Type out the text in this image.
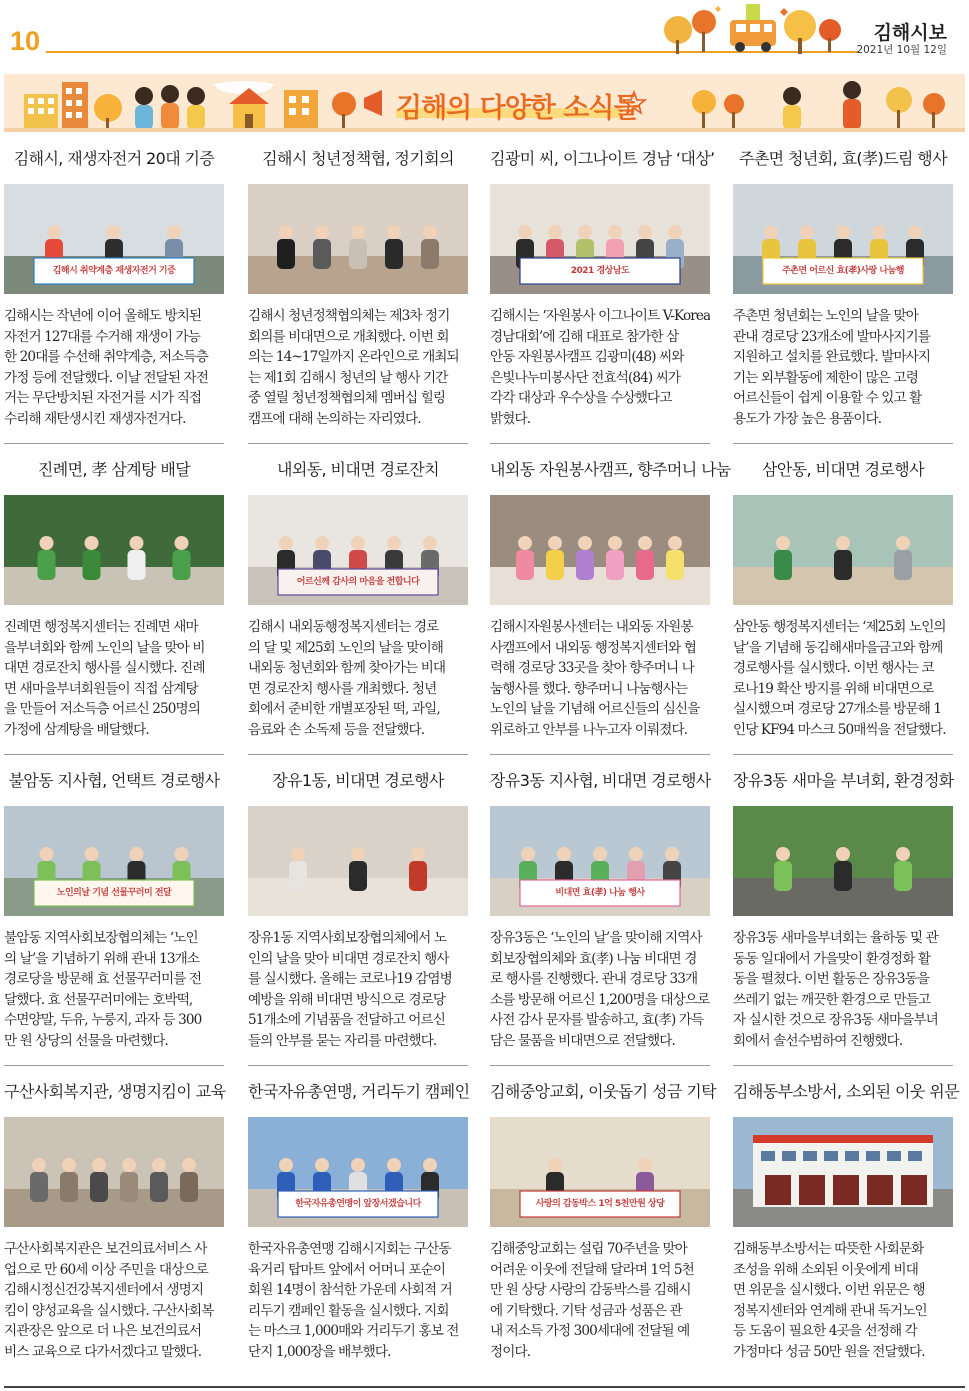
10	김해시보
2021년 10월 12일
김해의 다양한 소식들
김해시, 재생자전거 20대 기증
김해시 취약계층 재생자전거 기증
김해시는 작년에 이어 올해도 방치된
자전거 127대를 수거해 재생이 가능
한 20대를 수선해 취약계층, 저소득층
가정 등에 전달했다. 이날 전달된 자전
거는 무단방치된 자전거를 시가 직접
수리해 재탄생시킨 재생자전거다.
김해시 청년정책협, 정기회의
김해시 청년정책협의체는 제3차 정기
회의를 비대면으로 개최했다. 이번 회
의는 14~17일까지 온라인으로 개최되
는 제1회 김해시 청년의 날 행사 기간
중 열릴 청년정책협의체 멤버십 힐링
캠프에 대해 논의하는 자리였다.
김광미 씨, 이그나이트 경남 ‘대상’
2021 경상남도
김해시는 ‘자원봉사 이그나이트 V-Korea
경남대회’에 김해 대표로 참가한 삼
안동 자원봉사캠프 김광미(48) 씨와
은빛나누미봉사단 전효석(84) 씨가
각각 대상과 우수상을 수상했다고
밝혔다.
주촌면 청년회, 효(孝)드림 행사
주촌면 어르신 효(孝)사랑 나눔행
주촌면 청년회는 노인의 날을 맞아
관내 경로당 23개소에 발마사지기를
지원하고 설치를 완료했다. 발마사지
기는 외부활동에 제한이 많은 고령
어르신들이 쉽게 이용할 수 있고 활
용도가 가장 높은 용품이다.
진례면, 孝 삼계탕 배달
진례면 행정복지센터는 진례면 새마
을부녀회와 함께 노인의 날을 맞아 비
대면 경로잔치 행사를 실시했다. 진례
면 새마을부녀회원들이 직접 삼계탕
을 만들어 저소득층 어르신 250명의
가정에 삼계탕을 배달했다.
내외동, 비대면 경로잔치
어르신께 감사의 마음을 전합니다
김해시 내외동행정복지센터는 경로
의 달 및 제25회 노인의 날을 맞이해
내외동 청년회와 함께 찾아가는 비대
면 경로잔치 행사를 개최했다. 청년
회에서 준비한 개별포장된 떡, 과일,
음료와 손 소독제 등을 전달했다.
내외동 자원봉사캠프, 향주머니 나눔
김해시자원봉사센터는 내외동 자원봉
사캠프에서 내외동 행정복지센터와 협
력해 경로당 33곳을 찾아 향주머니 나
눔행사를 했다. 향주머니 나눔행사는
노인의 날을 기념해 어르신들의 심신을
위로하고 안부를 나누고자 이뤄졌다.
삼안동, 비대면 경로행사
삼안동 행정복지센터는 ‘제25회 노인의
날’을 기념해 동김해새마을금고와 함께
경로행사를 실시했다. 이번 행사는 코
로나19 확산 방지를 위해 비대면으로
실시했으며 경로당 27개소를 방문해 1
인당 KF94 마스크 50매씩을 전달했다.
불암동 지사협, 언택트 경로행사
노인의날 기념 선물꾸러미 전달
불암동 지역사회보장협의체는 ‘노인
의 날’을 기념하기 위해 관내 13개소
경로당을 방문해 효 선물꾸러미를 전
달했다. 효 선물꾸러미에는 호박떡,
수면양말, 두유, 누룽지, 과자 등 300
만 원 상당의 선물을 마련했다.
장유1동, 비대면 경로행사
장유1동 지역사회보장협의체에서 노
인의 날을 맞아 비대면 경로잔치 행사
를 실시했다. 올해는 코로나19 감염병
예방을 위해 비대면 방식으로 경로당
51개소에 기념품을 전달하고 어르신
들의 안부를 묻는 자리를 마련했다.
장유3동 지사협, 비대면 경로행사
비대면 효(孝) 나눔 행사
장유3동은 ‘노인의 날’을 맞이해 지역사
회보장협의체와 효(孝) 나눔 비대면 경
로 행사를 진행했다. 관내 경로당 33개
소를 방문해 어르신 1,200명을 대상으로
사전 감사 문자를 발송하고, 효(孝) 가득
담은 물품을 비대면으로 전달했다.
장유3동 새마을 부녀회, 환경정화
장유3동 새마을부녀회는 율하동 및 관
동동 일대에서 가을맞이 환경정화 활
동을 펼쳤다. 이번 활동은 장유3동을
쓰레기 없는 깨끗한 환경으로 만들고
자 실시한 것으로 장유3동 새마을부녀
회에서 솔선수범하여 진행했다.
구산사회복지관, 생명지킴이 교육
구산사회복지관은 보건의료서비스 사
업으로 만 60세 이상 주민을 대상으로
김해시정신건강복지센터에서 생명지
킴이 양성교육을 실시했다. 구산사회복
지관장은 앞으로 더 나은 보건의료서
비스 교육으로 다가서겠다고 말했다.
한국자유총연맹, 거리두기 캠페인
한국자유총연맹이 앞장서겠습니다
한국자유총연맹 김해시지회는 구산동
육거리 탑마트 앞에서 어머니 포순이
회원 14명이 참석한 가운데 사회적 거
리두기 캠페인 활동을 실시했다. 지회
는 마스크 1,000매와 거리두기 홍보 전
단지 1,000장을 배부했다.
김해중앙교회, 이웃돕기 성금 기탁
사랑의 감동박스 1억 5천만원 상당
김해중앙교회는 설립 70주년을 맞아
어려운 이웃에 전달해 달라며 1억 5천
만 원 상당 사랑의 감동박스를 김해시
에 기탁했다. 기탁 성금과 성품은 관
내 저소득 가정 300세대에 전달될 예
정이다.
김해동부소방서, 소외된 이웃 위문
김해동부소방서는 따뜻한 사회문화
조성을 위해 소외된 이웃에게 비대
면 위문을 실시했다. 이번 위문은 행
정복지센터와 연계해 관내 독거노인
등 도움이 필요한 4곳을 선정해 각
가정마다 성금 50만 원을 전달했다.
